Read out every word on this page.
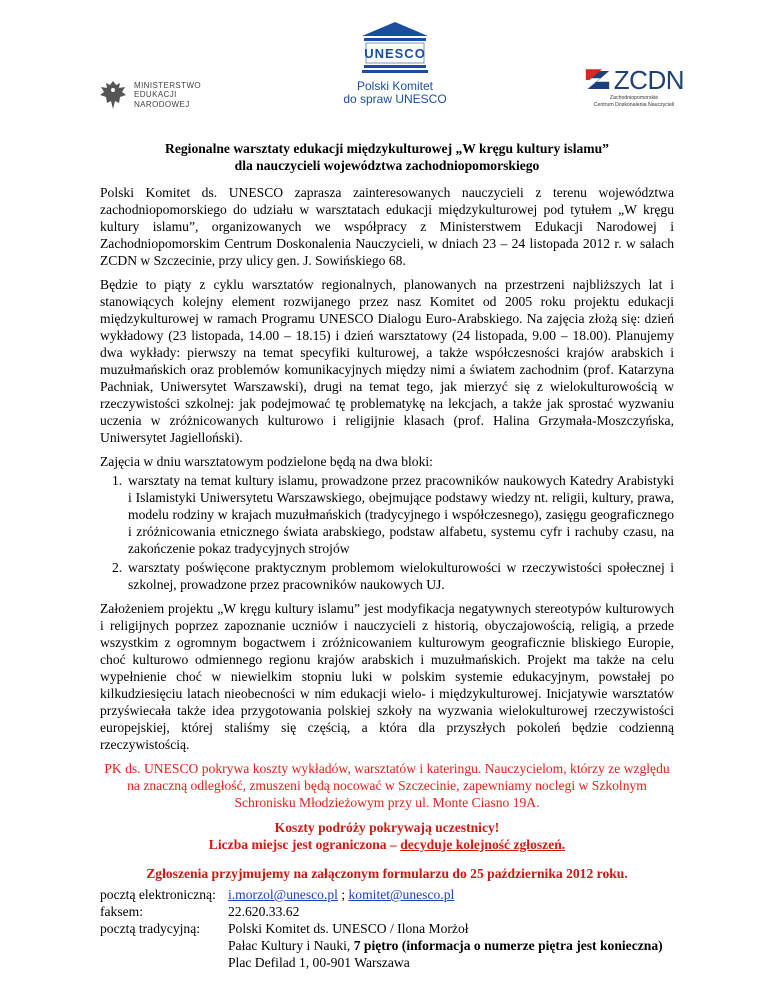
MINISTERSTWO
EDUKACJI
NARODOWEJ
UNESCO
Polski Komitet
do spraw UNESCO
ZCDN
Zachodniopomorskie
Centrum Doskonalenia Nauczycieli
Regionalne warsztaty edukacji międzykulturowej „W kręgu kultury islamu”
dla nauczycieli województwa zachodniopomorskiego

Polski Komitet ds. UNESCO zaprasza zainteresowanych nauczycieli z terenu województwa zachodniopomorskiego do udziału w warsztatach edukacji międzykulturowej pod tytułem „W kręgu kultury islamu”, organizowanych we współpracy z Ministerstwem Edukacji Narodowej i Zachodniopomorskim Centrum Doskonalenia Nauczycieli, w dniach 23 – 24 listopada 2012 r. w salach ZCDN w Szczecinie, przy ulicy gen. J. Sowińskiego 68.

Będzie to piąty z cyklu warsztatów regionalnych, planowanych na przestrzeni najbliższych lat i stanowiących kolejny element rozwijanego przez nasz Komitet od 2005 roku projektu edukacji międzykulturowej w ramach Programu UNESCO Dialogu Euro-Arabskiego. Na zajęcia złożą się: dzień wykładowy (23 listopada, 14.00 – 18.15) i dzień warsztatowy (24 listopada, 9.00 – 18.00). Planujemy dwa wykłady: pierwszy na temat specyfiki kulturowej, a także współczesności krajów arabskich i muzułmańskich oraz problemów komunikacyjnych między nimi a światem zachodnim (prof. Katarzyna Pachniak, Uniwersytet Warszawski), drugi na temat tego, jak mierzyć się z wielokulturowością w rzeczywistości szkolnej: jak podejmować tę problematykę na lekcjach, a także jak sprostać wyzwaniu uczenia w zróżnicowanych kulturowo i religijnie klasach (prof. Halina Grzymała-Moszczyńska, Uniwersytet Jagielloński).

Zajęcia w dniu warsztatowym podzielone będą na dwa bloki:

1. warsztaty na temat kultury islamu, prowadzone przez pracowników naukowych Katedry Arabistyki i Islamistyki Uniwersytetu Warszawskiego, obejmujące podstawy wiedzy nt. religii, kultury, prawa, modelu rodziny w krajach muzułmańskich (tradycyjnego i współczesnego), zasięgu geograficznego i zróżnicowania etnicznego świata arabskiego, podstaw alfabetu, systemu cyfr i rachuby czasu, na zakończenie pokaz tradycyjnych strojów
2. warsztaty poświęcone praktycznym problemom wielokulturowości w rzeczywistości społecznej i szkolnej, prowadzone przez pracowników naukowych UJ.

Założeniem projektu „W kręgu kultury islamu” jest modyfikacja negatywnych stereotypów kulturowych i religijnych poprzez zapoznanie uczniów i nauczycieli z historią, obyczajowością, religią, a przede wszystkim z ogromnym bogactwem i zróżnicowaniem kulturowym geograficznie bliskiego Europie, choć kulturowo odmiennego regionu krajów arabskich i muzułmańskich. Projekt ma także na celu wypełnienie choć w niewielkim stopniu luki w polskim systemie edukacyjnym, powstałej po kilkudziesięciu latach nieobecności w nim edukacji wielo- i międzykulturowej. Inicjatywie warsztatów przyświecała także idea przygotowania polskiej szkoły na wyzwania wielokulturowej rzeczywistości europejskiej, której staliśmy się częścią, a która dla przyszłych pokoleń będzie codzienną rzeczywistością.

PK ds. UNESCO pokrywa koszty wykładów, warsztatów i kateringu. Nauczycielom, którzy ze względu na znaczną odległość, zmuszeni będą nocować w Szczecinie, zapewniamy noclegi w Szkolnym Schronisku Młodzieżowym przy ul. Monte Ciasno 19A.

Koszty podróży pokrywają uczestnicy!

Liczba miejsc jest ograniczona – decyduje kolejność zgłoszeń.

Zgłoszenia przyjmujemy na załączonym formularzu do 25 października 2012 roku.

pocztą elektroniczną: i.morzol@unesco.pl ; komitet@unesco.pl
faksem:	22.620.33.62
pocztą tradycyjną:	Polski Komitet ds. UNESCO / Ilona Morżoł
Pałac Kultury i Nauki, 7 piętro (informacja o numerze piętra jest konieczna)
Plac Defilad 1, 00-901 Warszawa
